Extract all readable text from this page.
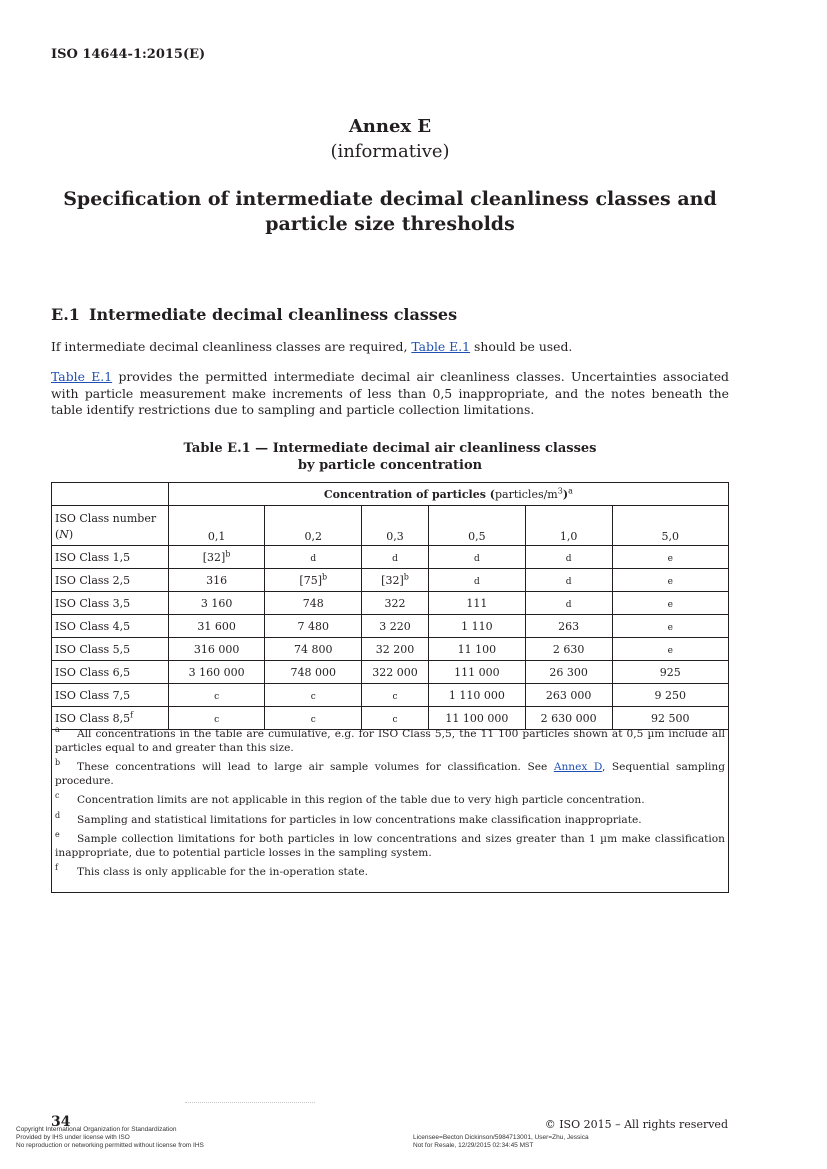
ISO 14644-1:2015(E)
Annex E
(informative)
Specification of intermediate decimal cleanliness classes and
particle size thresholds
E.1 Intermediate decimal cleanliness classes
If intermediate decimal cleanliness classes are required, Table E.1 should be used.
Table E.1 provides the permitted intermediate decimal air cleanliness classes. Uncertainties associated with particle measurement make increments of less than 0,5 inappropriate, and the notes beneath the table identify restrictions due to sampling and particle collection limitations.
Table E.1 — Intermediate decimal air cleanliness classes
by particle concentration
	Concentration of particles $(particles/m^3)^a$

ISO Class number
(N)	0,1	0,2	0,3	0,5	1,0	5,0
ISO Class 1,5	$[32]^b$	d	d	d	d	e
ISO Class 2,5	316	$[75]^b$	$[32]^b$	d	d	e
ISO Class 3,5	3 160	748	322	111	d	e
ISO Class 4,5	31 600	7 480	3 220	1 110	263	e
ISO Class 5,5	316 000	74 800	32 200	11 100	2 630	e
ISO Class 6,5	3 160 000	748 000	322 000	111 000	26 300	925
ISO Class 7,5	c	c	c	1 110 000	263 000	9 250
ISO Class 8,5$^f$	c	c	c	11 100 000	2 630 000	92 500
a All concentrations in the table are cumulative, e.g. for ISO Class 5,5, the 11 100 particles shown at 0,5 µm include all particles equal to and greater than this size.
b These concentrations will lead to large air sample volumes for classification. See Annex D, Sequential sampling procedure.
c Concentration limits are not applicable in this region of the table due to very high particle concentration.
d Sampling and statistical limitations for particles in low concentrations make classification inappropriate.
e Sample collection limitations for both particles in low concentrations and sizes greater than 1 µm make classification inappropriate, due to potential particle losses in the sampling system.
f This class is only applicable for the in-operation state.
34	© ISO 2015 – All rights reserved
Copyright International Organization for Standardization
Provided by IHS under license with ISO
No reproduction or networking permitted without license from IHS
Licensee=Becton Dickinson/5984713001, User=Zhu, Jessica
Not for Resale, 12/29/2015 02:34:45 MST
